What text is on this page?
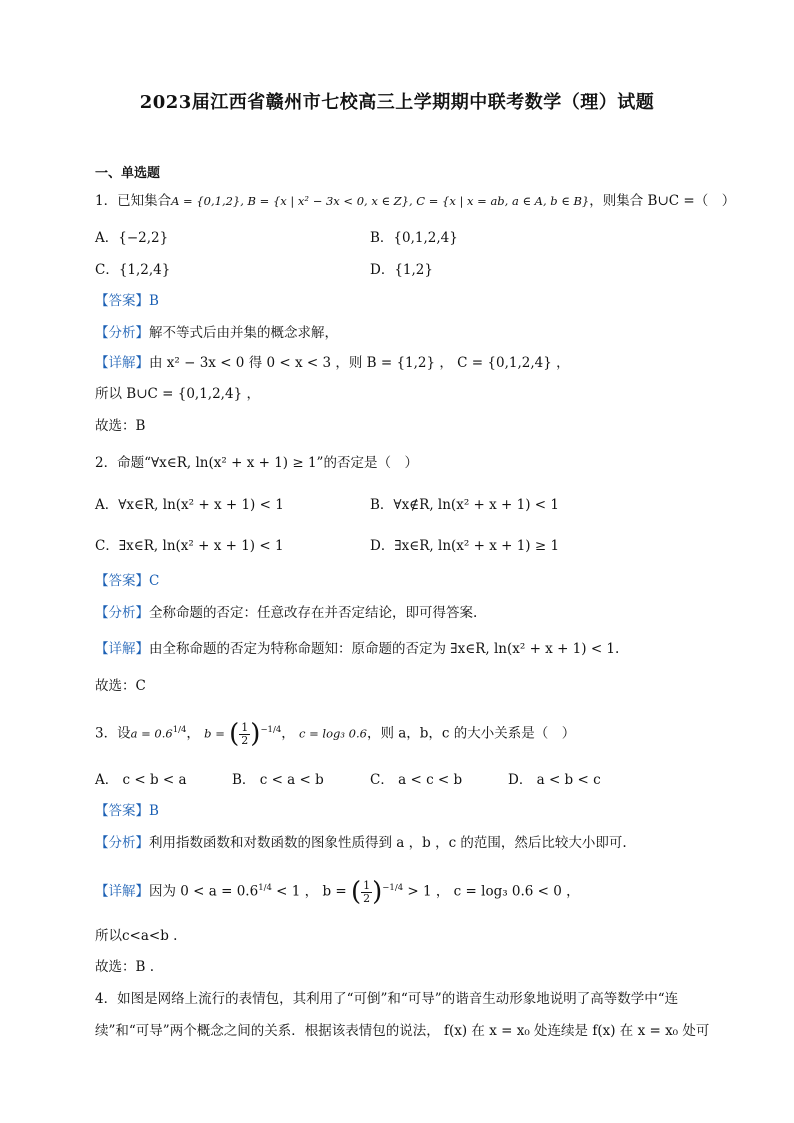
2023届江西省赣州市七校高三上学期期中联考数学（理）试题
一、单选题
1．已知集合A = {0,1,2}, B = {x | x² − 3x < 0, x ∈ Z}, C = {x | x = ab, a ∈ A, b ∈ B}，则集合 B∪C =（　）
A．{−2,2}	B．{0,1,2,4}
C．{1,2,4}	D．{1,2}
【答案】B
【分析】解不等式后由并集的概念求解，
【详解】由 x² − 3x < 0 得 0 < x < 3 ，则 B = {1,2} ， C = {0,1,2,4} ，
所以 B∪C = {0,1,2,4} ，
故选：B
2．命题“∀x∈R, ln(x² + x + 1) ≥ 1”的否定是（　）
A．∀x∈R, ln(x² + x + 1) < 1	B．∀x∉R, ln(x² + x + 1) < 1
C．∃x∈R, ln(x² + x + 1) < 1	D．∃x∈R, ln(x² + x + 1) ≥ 1
【答案】C
【分析】全称命题的否定：任意改存在并否定结论，即可得答案.
【详解】由全称命题的否定为特称命题知：原命题的否定为 ∃x∈R, ln(x² + x + 1) < 1.
故选：C
3．设$a = 0.6^{1/4}$， b = ( $\frac{1}{2} )^{-1/4}$， c = log₃ 0.6，则 a，b，c 的大小关系是（　）
A． c < b < a	B． c < a < b	C． a < c < b	D． a < b < c
【答案】B
【分析】利用指数函数和对数函数的图象性质得到 a ，b ，c 的范围，然后比较大小即可.
【详解】因为 $0 < a = 0.6^{1/4} < 1$ ， b = ( $\frac{1}{2} )^{-1/4} > 1$ ， c = log₃ 0.6 < 0 ，
所以c<a<b .
故选：B .
4．如图是网络上流行的表情包，其利用了“可倒”和“可导”的谐音生动形象地说明了高等数学中“连
续”和“可导”两个概念之间的关系．根据该表情包的说法， f(x) 在 x = x₀ 处连续是 f(x) 在 x = x₀ 处可
